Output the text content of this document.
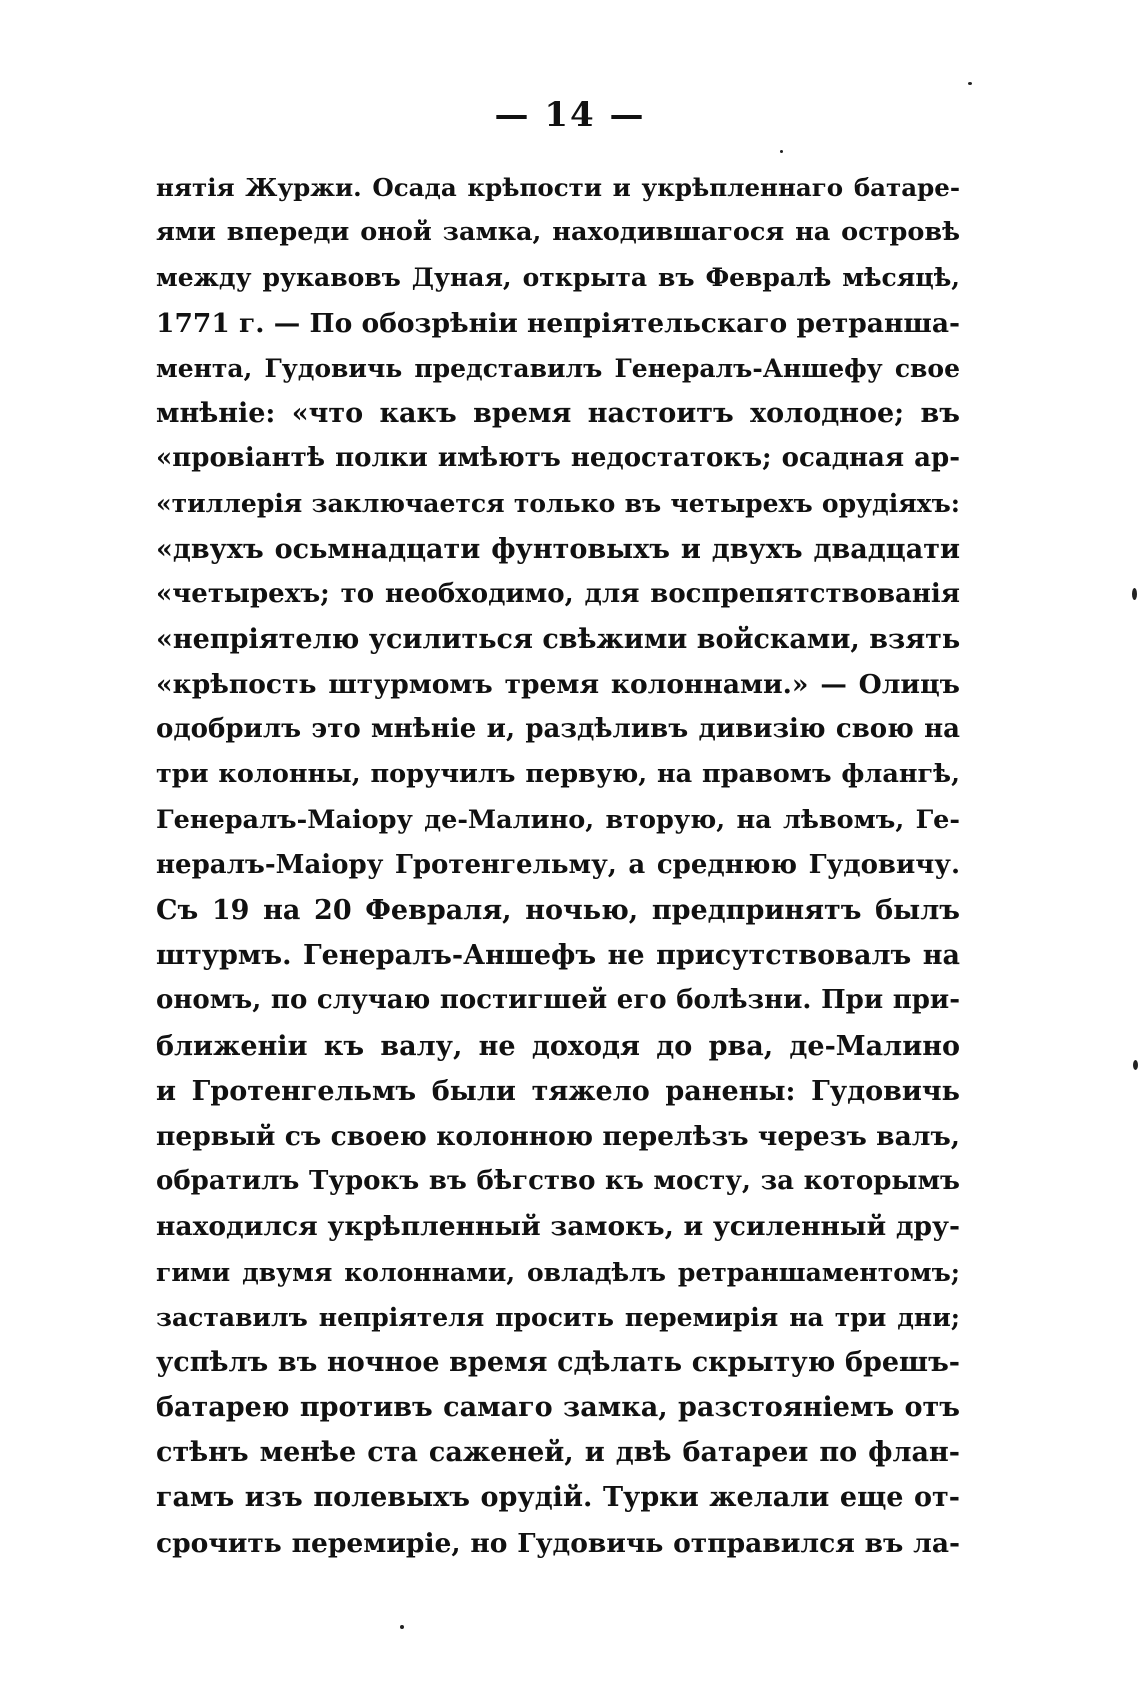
— 14 —
нятія Журжи. Осада крѣпости и укрѣпленнаго батаре-
ями впереди оной замка, находившагося на островѣ
между рукавовъ Дуная, открыта въ Февралѣ мѣсяцѣ,
1771 г. — По обозрѣніи непріятельскаго ретранша-
мента, Гудовичь представилъ Генералъ-Аншефу свое
мнѣніе: «что какъ время настоитъ холодное; въ
«провіантѣ полки имѣютъ недостатокъ; осадная ар-
«тиллерія заключается только въ четырехъ орудіяхъ:
«двухъ осьмнадцати фунтовыхъ и двухъ двадцати
«четырехъ; то необходимо, для воспрепятствованія
«непріятелю усилиться свѣжими войсками, взять
«крѣпость штурмомъ тремя колоннами.» — Олицъ
одобрилъ это мнѣніе и, раздѣливъ дивизію свою на
три колонны, поручилъ первую, на правомъ флангѣ,
Генералъ-Маіору де-Малино, вторую, на лѣвомъ, Ге-
нералъ-Маіору Гротенгельму, а среднюю Гудовичу.
Съ 19 на 20 Февраля, ночью, предпринятъ былъ
штурмъ. Генералъ-Аншефъ не присутствовалъ на
ономъ, по случаю постигшей его болѣзни. При при-
ближеніи къ валу, не доходя до рва, де-Малино
и Гротенгельмъ были тяжело ранены: Гудовичь
первый съ своею колонною перелѣзъ черезъ валъ,
обратилъ Турокъ въ бѣгство къ мосту, за которымъ
находился укрѣпленный замокъ, и усиленный дру-
гими двумя колоннами, овладѣлъ ретраншаментомъ;
заставилъ непріятеля просить перемирія на три дни;
успѣлъ въ ночное время сдѣлать скрытую брешъ-
батарею противъ самаго замка, разстояніемъ отъ
стѣнъ менѣе ста саженей, и двѣ батареи по флан-
гамъ изъ полевыхъ орудій. Турки желали еще от-
срочить перемиріе, но Гудовичь отправился въ ла-
